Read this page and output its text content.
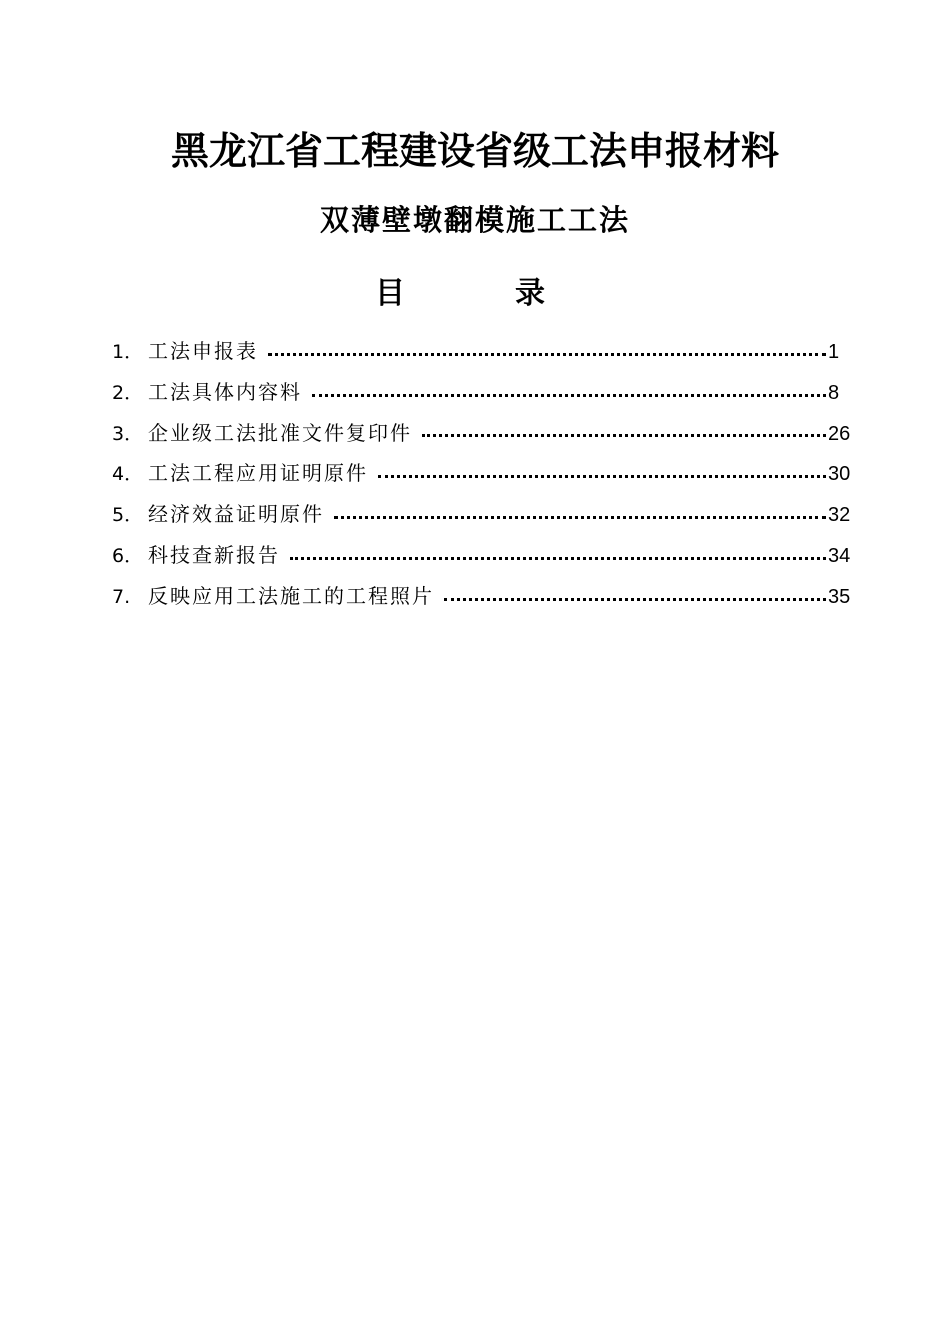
黑龙江省工程建设省级工法申报材料
双薄壁墩翻模施工工法
目	录
1． 工法申报表	1
2． 工法具体内容料	8
3． 企业级工法批准文件复印件	26
4． 工法工程应用证明原件	30
5． 经济效益证明原件	32
6． 科技查新报告	34
7. 反映应用工法施工的工程照片	35
